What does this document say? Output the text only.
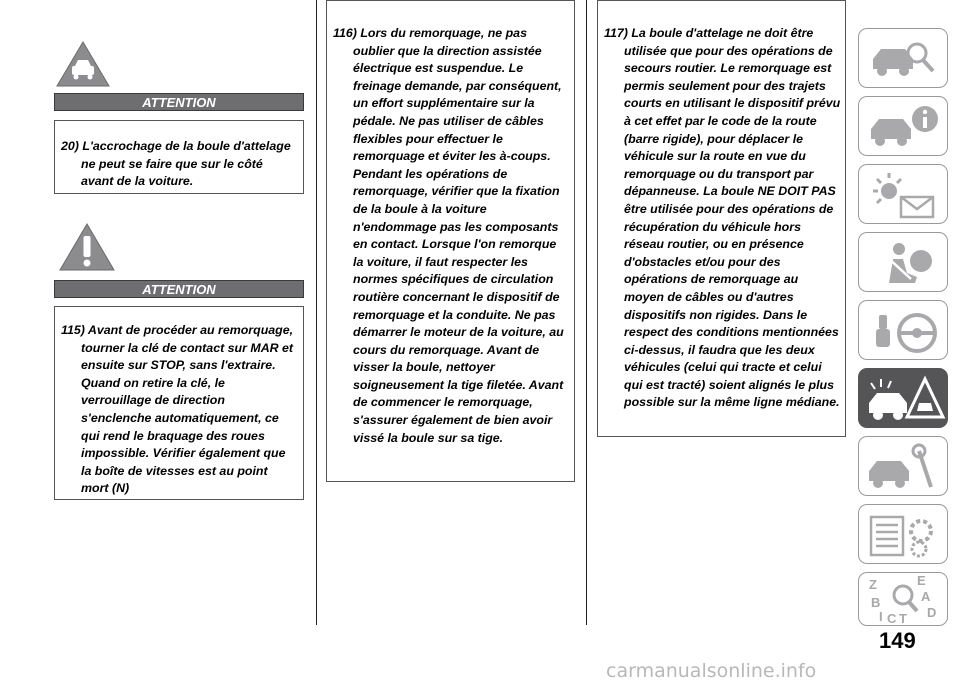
ATTENTION

20) L'accrochage de la boule d'attelage ne peut se faire que sur le côté avant de la voiture.

ATTENTION

115) Avant de procéder au remorquage, tourner la clé de contact sur MAR et ensuite sur STOP, sans l'extraire. Quand on retire la clé, le verrouillage de direction s'enclenche automatiquement, ce qui rend le braquage des roues impossible. Vérifier également que la boîte de vitesses est au point mort (N)

116) Lors du remorquage, ne pas oublier que la direction assistée électrique est suspendue. Le freinage demande, par conséquent, un effort supplémentaire sur la pédale. Ne pas utiliser de câbles flexibles pour effectuer le remorquage et éviter les à-coups. Pendant les opérations de remorquage, vérifier que la fixation de la boule à la voiture n'endommage pas les composants en contact. Lorsque l'on remorque la voiture, il faut respecter les normes spécifiques de circulation routière concernant le dispositif de remorquage et la conduite. Ne pas démarrer le moteur de la voiture, au cours du remorquage. Avant de visser la boule, nettoyer soigneusement la tige filetée. Avant de commencer le remorquage, s'assurer également de bien avoir vissé la boule sur sa tige.

117) La boule d'attelage ne doit être utilisée que pour des opérations de secours routier. Le remorquage est permis seulement pour des trajets courts en utilisant le dispositif prévu à cet effet par le code de la route (barre rigide), pour déplacer le véhicule sur la route en vue du remorquage ou du transport par dépanneuse. La boule NE DOIT PAS être utilisée pour des opérations de récupération du véhicule hors réseau routier, ou en présence d'obstacles et/ou pour des opérations de remorquage au moyen de câbles ou d'autres dispositifs non rigides. Dans le respect des conditions mentionnées ci-dessus, il faudra que les deux véhicules (celui qui tracte et celui qui est tracté) soient alignés le plus possible sur la même ligne médiane.

Z	E
A
B
C D
T
I
149
carmanualsonline.info
